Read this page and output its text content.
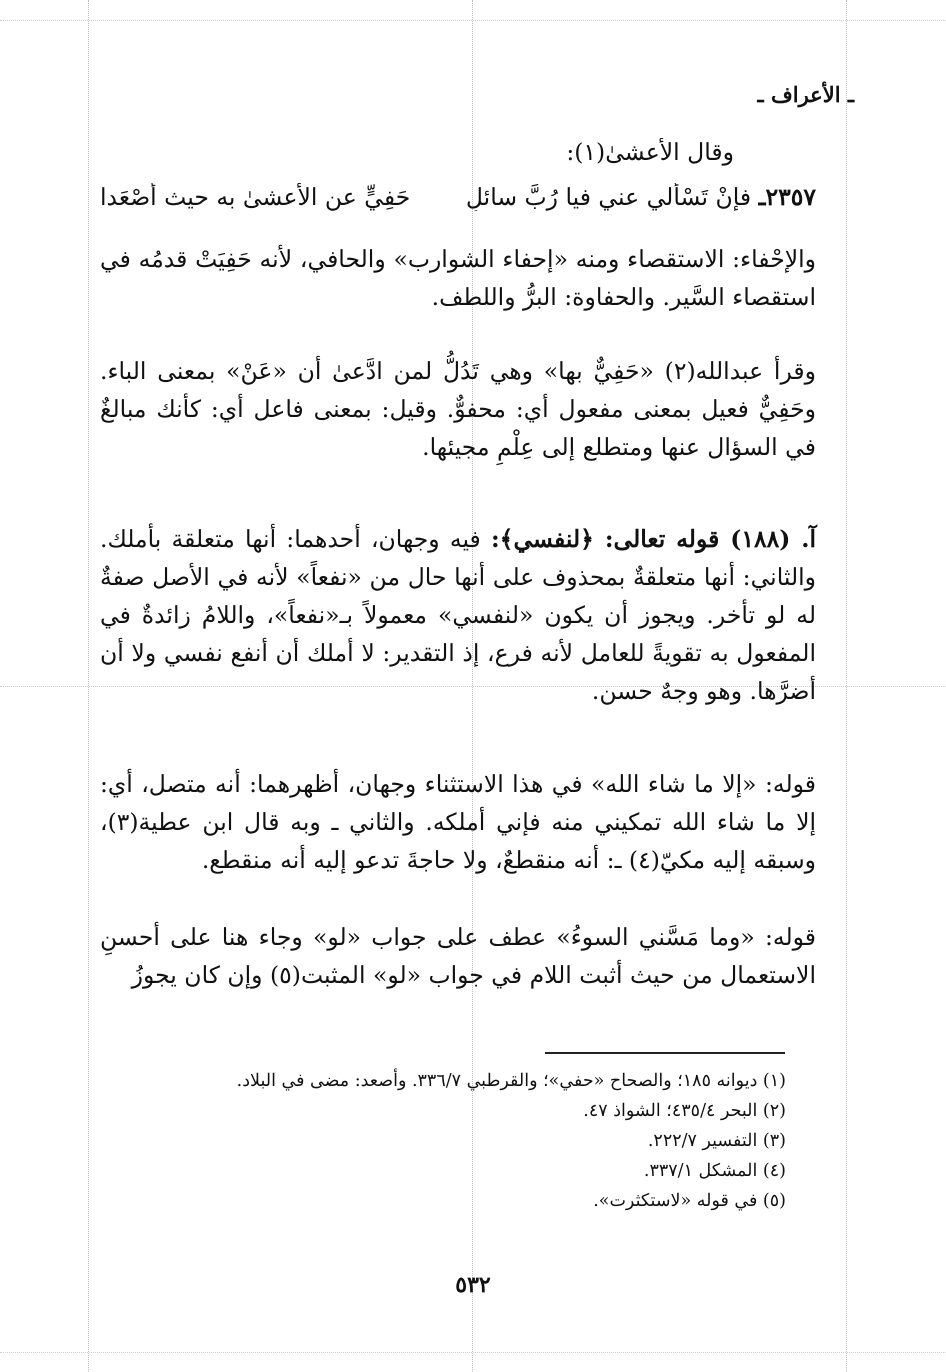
ـ الأعراف ـ
وقال الأعشىٰ(١):
٢٣٥٧ـ فإنْ تَسْأَلي عني فيا رُبَّ سائلٍ
حَفِيٍّ عن الأعشىٰ به حيث أَصْعَدا
والإحْفاء: الاستقصاء ومنه «إحفاء الشوارب» والحافي، لأنه حَفِيَتْ قدمُه في استقصاء السَّير. والحفاوة: البرُّ واللطف.
وقرأ عبدالله(٢) «حَفِيٌّ بها» وهي تَدُلُّ لمن ادَّعىٰ أن «عَنْ» بمعنى الباء. وحَفِيٌّ فعيل بمعنى مفعول أي: محفوٌّ. وقيل: بمعنى فاعل أي: كأنك مبالغٌ في السؤال عنها ومتطلع إلى عِلْمِ مجيئها.
آ. (١٨٨) قوله تعالى: ﴿لنفسي﴾: فيه وجهان، أحدهما: أنها متعلقة بأملك. والثاني: أنها متعلقةٌ بمحذوف على أنها حال من «نفعاً» لأنه في الأصل صفةٌ له لو تأخر. ويجوز أن يكون «لنفسي» معمولاً بـ«نفعاً»، واللامُ زائدةٌ في المفعول به تقويةً للعامل لأنه فرع، إذ التقدير: لا أملك أن أنفع نفسي ولا أن أضرَّها. وهو وجهٌ حسن.
قوله: «إلا ما شاء الله» في هذا الاستثناء وجهان، أظهرهما: أنه متصل، أي: إلا ما شاء الله تمكيني منه فإني أملكه. والثاني ـ وبه قال ابن عطية(٣)، وسبقه إليه مكيّ(٤) ـ: أنه منقطعٌ، ولا حاجةَ تدعو إليه أنه منقطع.
قوله: «وما مَسَّني السوءُ» عطف على جواب «لو» وجاء هنا على أحسنِ الاستعمال من حيث أثبت اللام في جواب «لو» المثبت(٥) وإن كان يجوزُ
(١) ديوانه ١٨٥؛ والصحاح «حفي»؛ والقرطبي ٣٣٦/٧. وأصعد: مضى في البلاد.
(٢) البحر ٤٣٥/٤؛ الشواذ ٤٧.
(٣) التفسير ٢٢٢/٧.
(٤) المشكل ٣٣٧/١.
(٥) في قوله «لاستكثرت».
٥٣٢
